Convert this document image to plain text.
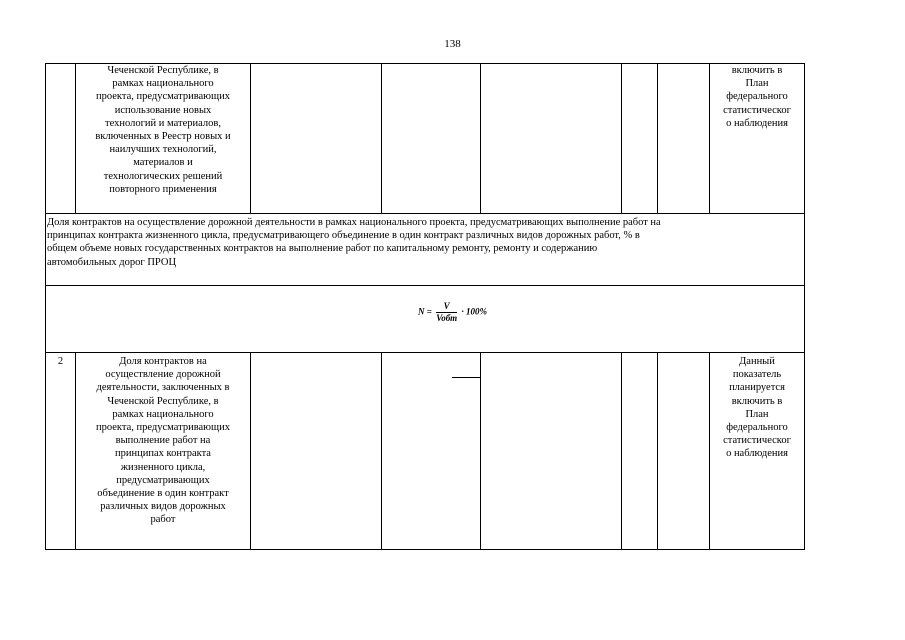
138
Чеченской Республике, в
рамках национального
проекта, предусматривающих
использование новых
технологий и материалов,
включенных в Реестр новых и
наилучших технологий,
материалов и
технологических решений
повторного применения
включить в
План
федерального
статистическог
о наблюдения
Доля контрактов на осуществление дорожной деятельности в рамках национального проекта, предусматривающих выполнение работ на
принципах контракта жизненного цикла, предусматривающего объединение в один контракт различных видов дорожных работ, % в
общем объеме новых государственных контрактов на выполнение работ по капитальному ремонту, ремонту и содержанию
автомобильных дорог ПРОЦ
$N = \frac{V}{\text{Voбm}} \cdot 100\%$
2	Доля контрактов на
осуществление дорожной
деятельности, заключенных в
Чеченской Республике, в
рамках национального
проекта, предусматривающих
выполнение работ на
принципах контракта
жизненного цикла,
предусматривающих
объединение в один контракт
различных видов дорожных
работ
Данный
показатель
планируется
включить в
План
федерального
статистическог
о наблюдения
